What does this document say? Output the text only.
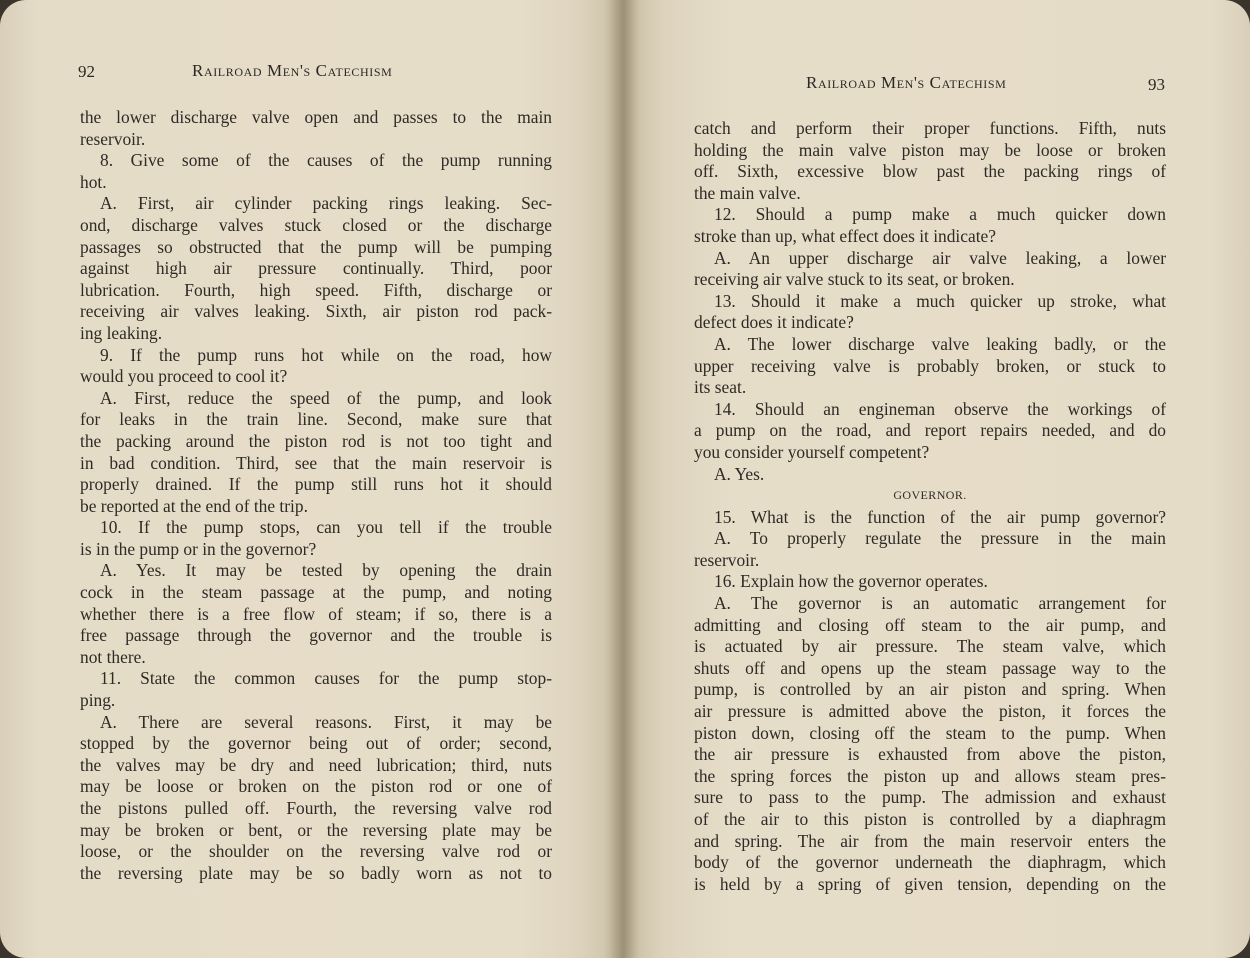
92	Railroad Men's Catechism
the lower discharge valve open and passes to the main
reservoir.
8. Give some of the causes of the pump running
hot.
A. First, air cylinder packing rings leaking. Sec-
ond, discharge valves stuck closed or the discharge
passages so obstructed that the pump will be pumping
against high air pressure continually. Third, poor
lubrication. Fourth, high speed. Fifth, discharge or
receiving air valves leaking. Sixth, air piston rod pack-
ing leaking.
9. If the pump runs hot while on the road, how
would you proceed to cool it?
A. First, reduce the speed of the pump, and look
for leaks in the train line. Second, make sure that
the packing around the piston rod is not too tight and
in bad condition. Third, see that the main reservoir is
properly drained. If the pump still runs hot it should
be reported at the end of the trip.
10. If the pump stops, can you tell if the trouble
is in the pump or in the governor?
A. Yes. It may be tested by opening the drain
cock in the steam passage at the pump, and noting
whether there is a free flow of steam; if so, there is a
free passage through the governor and the trouble is
not there.
11. State the common causes for the pump stop-
ping.
A. There are several reasons. First, it may be
stopped by the governor being out of order; second,
the valves may be dry and need lubrication; third, nuts
may be loose or broken on the piston rod or one of
the pistons pulled off. Fourth, the reversing valve rod
may be broken or bent, or the reversing plate may be
loose, or the shoulder on the reversing valve rod or
the reversing plate may be so badly worn as not to
Railroad Men's Catechism	93
catch and perform their proper functions. Fifth, nuts
holding the main valve piston may be loose or broken
off. Sixth, excessive blow past the packing rings of
the main valve.
12. Should a pump make a much quicker down
stroke than up, what effect does it indicate?
A. An upper discharge air valve leaking, a lower
receiving air valve stuck to its seat, or broken.
13. Should it make a much quicker up stroke, what
defect does it indicate?
A. The lower discharge valve leaking badly, or the
upper receiving valve is probably broken, or stuck to
its seat.
14. Should an engineman observe the workings of
a pump on the road, and report repairs needed, and do
you consider yourself competent?
A. Yes.
GOVERNOR.
15. What is the function of the air pump governor?
A. To properly regulate the pressure in the main
reservoir.
16. Explain how the governor operates.
A. The governor is an automatic arrangement for
admitting and closing off steam to the air pump, and
is actuated by air pressure. The steam valve, which
shuts off and opens up the steam passage way to the
pump, is controlled by an air piston and spring. When
air pressure is admitted above the piston, it forces the
piston down, closing off the steam to the pump. When
the air pressure is exhausted from above the piston,
the spring forces the piston up and allows steam pres-
sure to pass to the pump. The admission and exhaust
of the air to this piston is controlled by a diaphragm
and spring. The air from the main reservoir enters the
body of the governor underneath the diaphragm, which
is held by a spring of given tension, depending on the
